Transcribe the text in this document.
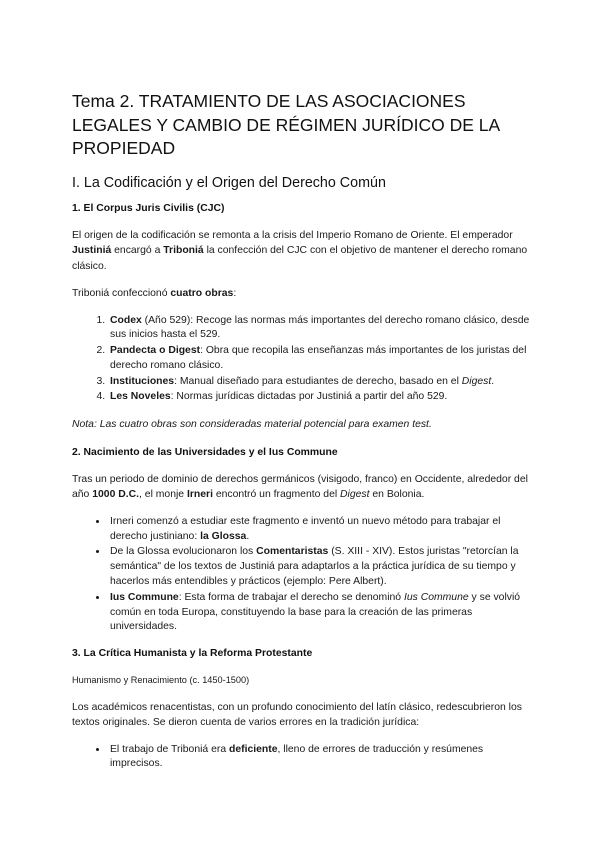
Tema 2. TRATAMIENTO DE LAS ASOCIACIONES LEGALES Y CAMBIO DE RÉGIMEN JURÍDICO DE LA PROPIEDAD
I. La Codificación y el Origen del Derecho Común
1. El Corpus Juris Civilis (CJC)

El origen de la codificación se remonta a la crisis del Imperio Romano de Oriente. El emperador Justiniá encargó a Triboniá la confección del CJC con el objetivo de mantener el derecho romano clásico.

Triboniá confeccionó cuatro obras:

1. Codex (Año 529): Recoge las normas más importantes del derecho romano clásico, desde sus inicios hasta el 529.
2. Pandecta o Digest: Obra que recopila las enseñanzas más importantes de los juristas del derecho romano clásico.
3. Instituciones: Manual diseñado para estudiantes de derecho, basado en el Digest.
4. Les Noveles: Normas jurídicas dictadas por Justiniá a partir del año 529.

Nota: Las cuatro obras son consideradas material potencial para examen test.

2. Nacimiento de las Universidades y el Ius Commune

Tras un periodo de dominio de derechos germánicos (visigodo, franco) en Occidente, alrededor del año 1000 D.C., el monje Irneri encontró un fragmento del Digest en Bolonia.

• Irneri comenzó a estudiar este fragmento e inventó un nuevo método para trabajar el derecho justiniano: la Glossa.
• De la Glossa evolucionaron los Comentaristas (S. XIII - XIV). Estos juristas "retorcían la semántica" de los textos de Justiniá para adaptarlos a la práctica jurídica de su tiempo y hacerlos más entendibles y prácticos (ejemplo: Pere Albert).
• Ius Commune: Esta forma de trabajar el derecho se denominó Ius Commune y se volvió común en toda Europa, constituyendo la base para la creación de las primeras universidades.
3. La Crítica Humanista y la Reforma Protestante

Humanismo y Renacimiento (c. 1450-1500)

Los académicos renacentistas, con un profundo conocimiento del latín clásico, redescubrieron los textos originales. Se dieron cuenta de varios errores en la tradición jurídica:

• El trabajo de Triboniá era deficiente, lleno de errores de traducción y resúmenes imprecisos.
